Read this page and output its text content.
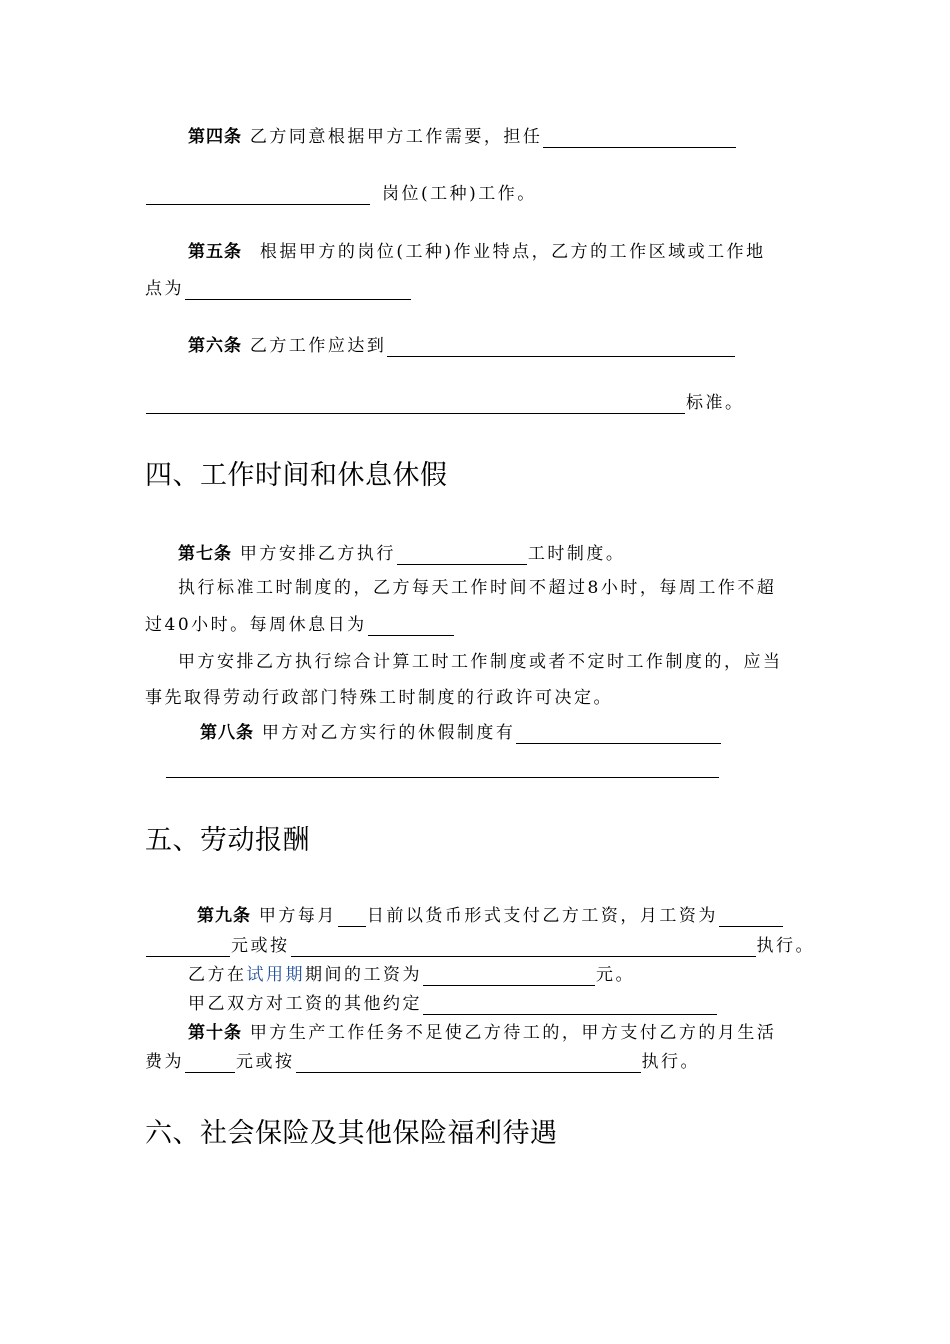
第四条 乙方同意根据甲方工作需要，担任
岗位(工种)工作。
第五条 根据甲方的岗位(工种)作业特点，乙方的工作区域或工作地
点为
第六条 乙方工作应达到
标准。
四、工作时间和休息休假
第七条 甲方安排乙方执行	工时制度。
执行标准工时制度的，乙方每天工作时间不超过8小时，每周工作不超
过40小时。每周休息日为
甲方安排乙方执行综合计算工时工作制度或者不定时工作制度的，应当
事先取得劳动行政部门特殊工时制度的行政许可决定。
第八条 甲方对乙方实行的休假制度有
五、劳动报酬
第九条 甲方每月 日前以货币形式支付乙方工资，月工资为
元或按	执行。
乙方在试用期期间的工资为	元。
甲乙双方对工资的其他约定
第十条 甲方生产工作任务不足使乙方待工的，甲方支付乙方的月生活
费为	元或按	执行。
六、社会保险及其他保险福利待遇
